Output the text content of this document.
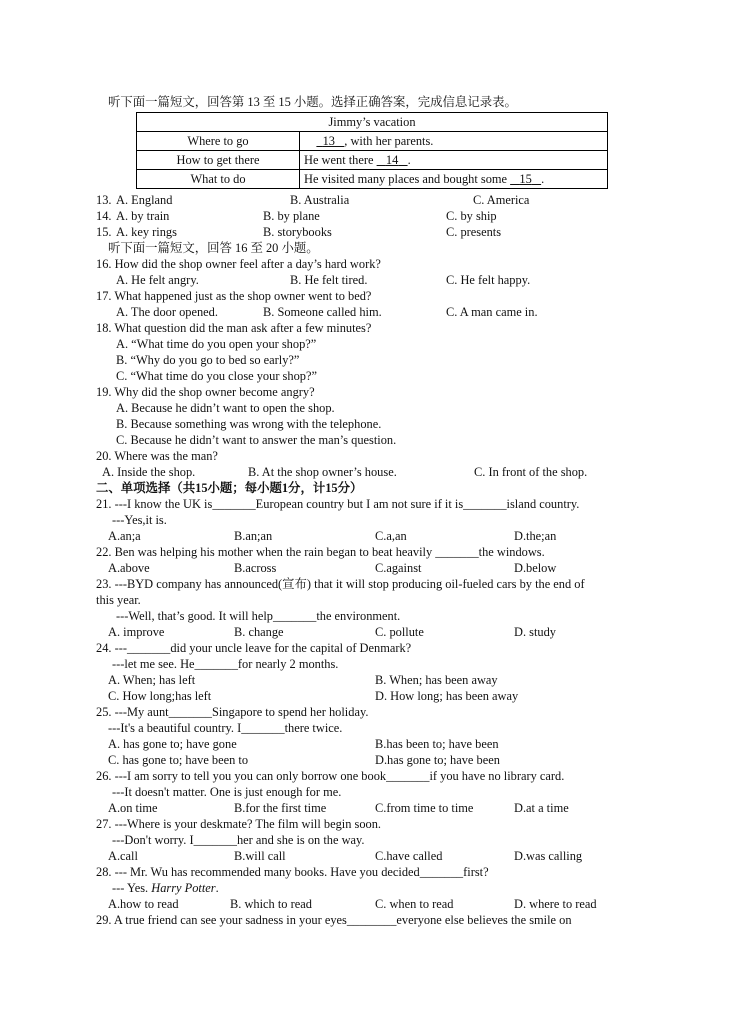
听下面一篇短文，回答第 13 至 15 小题。选择正确答案，完成信息记录表。
Jimmy’s vacation	
Where to go	13 , with her parents.
How to get there	He went there    14 .
What to do	He visited many places and bought some    15 .
13. A. England	B. Australia	C. America
14. A. by train	B. by plane	C. by ship
15. A. key rings	B. storybooks	C. presents
听下面一篇短文，回答 16 至 20 小题。
16. How did the shop owner feel after a day’s hard work?
A. He felt angry.	B. He felt tired.	C. He felt happy.
17. What happened just as the shop owner went to bed?
A. The door opened.	B. Someone called him.	C. A man came in.
18. What question did the man ask after a few minutes?
A. “What time do you open your shop?”
B. “Why do you go to bed so early?”
C. “What time do you close your shop?”
19. Why did the shop owner become angry?
A. Because he didn’t want to open the shop.
B. Because something was wrong with the telephone.
C. Because he didn’t want to answer the man’s question.
20. Where was the man?
A. Inside the shop.	B. At the shop owner’s house.	C. In front of the shop.
二、单项选择（共15小题；每小题1分，计15分）
21. ---I know the UK is_______European country but I am not sure if it is_______island country.
---Yes,it is.
A.an;a	B.an;an	C.a,an	D.the;an
22. Ben was helping his mother when the rain began to beat heavily _______the windows.
A.above	B.across	C.against	D.below
23. ---BYD company has announced(宣布) that it will stop producing oil-fueled cars by the end of
this year.
---Well, that’s good. It will help_______the environment.
A. improve	B. change	C. pollute	D. study
24. ---_______did your uncle leave for the capital of Denmark?
---let me see. He_______for nearly 2 months.
A. When; has left	B. When; has been away
C. How long;has left	D. How long; has been away
25. ---My aunt_______Singapore to spend her holiday.
---It's a beautiful country. I_______there twice.
A. has gone to; have gone	B.has been to; have been
C. has gone to; have been to	D.has gone to; have been
26. ---I am sorry to tell you you can only borrow one book_______if you have no library card.
---It doesn't matter. One is just enough for me.
A.on time	B.for the first time	C.from time to time	D.at a time
27. ---Where is your deskmate? The film will begin soon.
---Don't worry. I_______her and she is on the way.
A.call	B.will call	C.have called	D.was calling
28. --- Mr. Wu has recommended many books. Have you decided_______first?
--- Yes. Harry Potter.
A.how to read	B. which to read	C. when to read	D. where to read
29. A true friend can see your sadness in your eyes________everyone else believes the smile on
